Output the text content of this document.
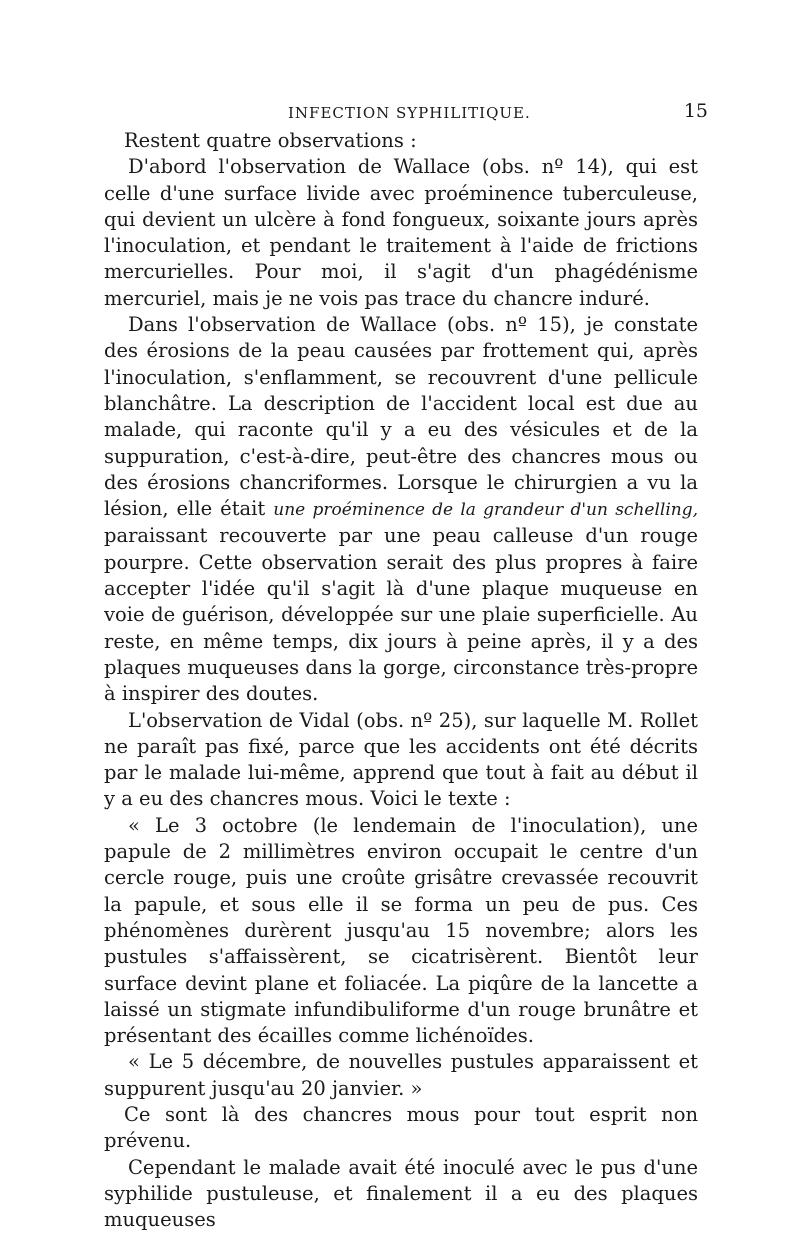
INFECTION SYPHILITIQUE.	15

Restent quatre observations :

D'abord l'observation de Wallace (obs. nº 14), qui est celle d'une surface livide avec proéminence tuberculeuse, qui devient un ulcère à fond fongueux, soixante jours après l'inoculation, et pendant le traitement à l'aide de frictions mercurielles. Pour moi, il s'agit d'un phagédénisme mercuriel, mais je ne vois pas trace du chancre induré.

Dans l'observation de Wallace (obs. nº 15), je constate des érosions de la peau causées par frottement qui, après l'inoculation, s'enflamment, se recouvrent d'une pellicule blanchâtre. La description de l'accident local est due au malade, qui raconte qu'il y a eu des vésicules et de la suppuration, c'est-à-dire, peut-être des chancres mous ou des érosions chancriformes. Lorsque le chirurgien a vu la lésion, elle était une proéminence de la grandeur d'un schelling, paraissant recouverte par une peau calleuse d'un rouge pourpre. Cette observation serait des plus propres à faire accepter l'idée qu'il s'agit là d'une plaque muqueuse en voie de guérison, développée sur une plaie superficielle. Au reste, en même temps, dix jours à peine après, il y a des plaques muqueuses dans la gorge, circonstance très-propre à inspirer des doutes.

L'observation de Vidal (obs. nº 25), sur laquelle M. Rollet ne paraît pas fixé, parce que les accidents ont été décrits par le malade lui-même, apprend que tout à fait au début il y a eu des chancres mous. Voici le texte :

« Le 3 octobre (le lendemain de l'inoculation), une papule de 2 millimètres environ occupait le centre d'un cercle rouge, puis une croûte grisâtre crevassée recouvrit la papule, et sous elle il se forma un peu de pus. Ces phénomènes durèrent jusqu'au 15 novembre; alors les pustules s'affaissèrent, se cicatrisèrent. Bientôt leur surface devint plane et foliacée. La piqûre de la lancette a laissé un stigmate infundibuliforme d'un rouge brunâtre et présentant des écailles comme lichénoïdes.

« Le 5 décembre, de nouvelles pustules apparaissent et suppurent jusqu'au 20 janvier. »

Ce sont là des chancres mous pour tout esprit non prévenu.

Cependant le malade avait été inoculé avec le pus d'une syphilide pustuleuse, et finalement il a eu des plaques muqueuses
